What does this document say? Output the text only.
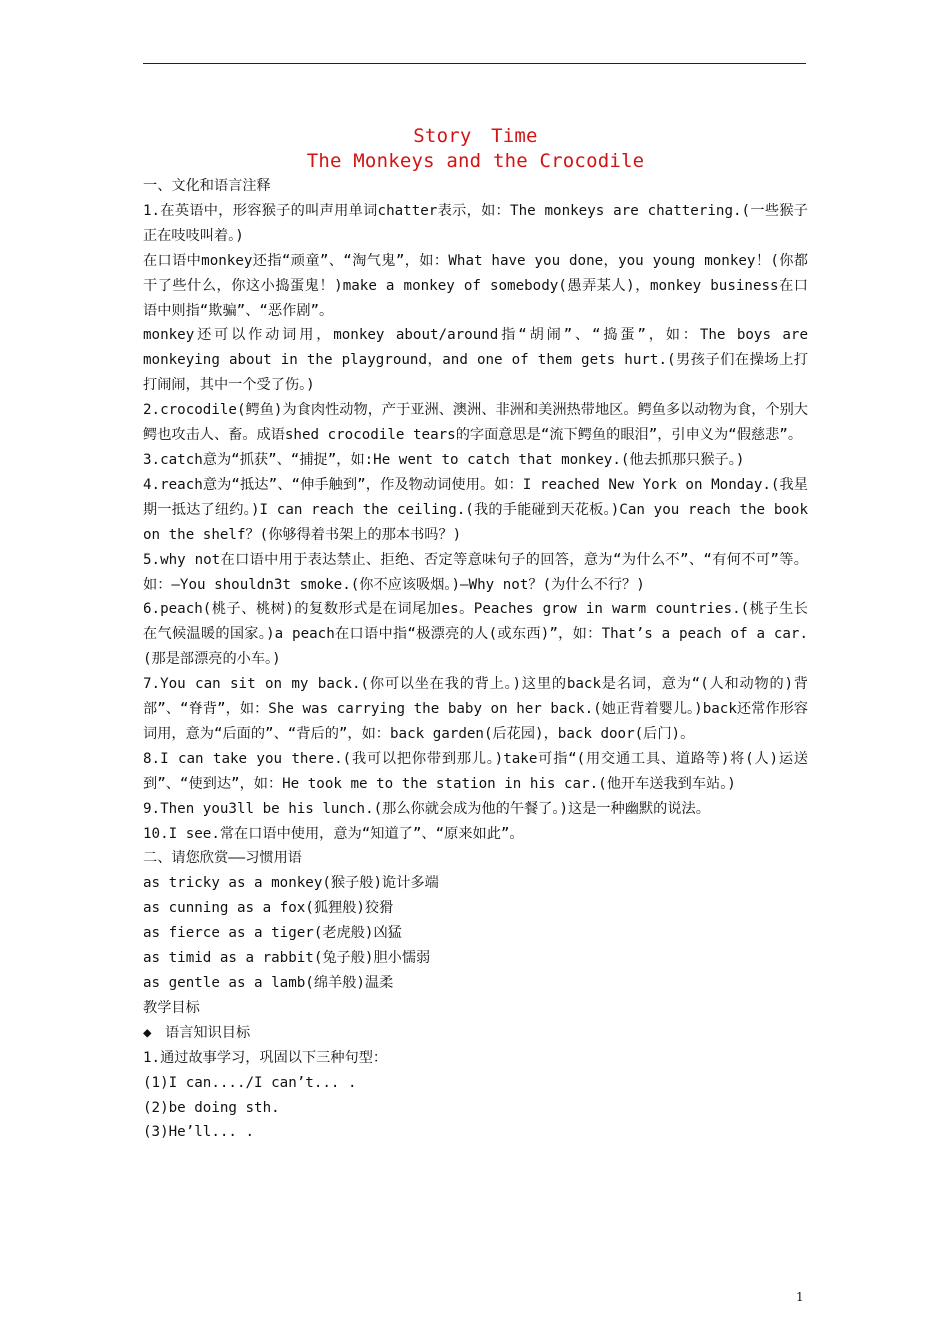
Story Time
The Monkeys and the Crocodile

一、文化和语言注释

1.在英语中，形容猴子的叫声用单词chatter表示，如：The monkeys are chattering.(一些猴子正在吱吱叫着。)

在口语中monkey还指“顽童”、“淘气鬼”，如：What have you done，you young monkey！(你都干了些什么，你这小捣蛋鬼！)make a monkey of somebody(愚弄某人)，monkey business在口语中则指“欺骗”、“恶作剧”。

monkey还可以作动词用，monkey about/around指“胡闹”、“捣蛋”，如：The boys are monkeying about in the playground，and one of them gets hurt.(男孩子们在操场上打打闹闹，其中一个受了伤。)

2.crocodile(鳄鱼)为食肉性动物，产于亚洲、澳洲、非洲和美洲热带地区。鳄鱼多以动物为食，个别大鳄也攻击人、畜。成语shed crocodile tears的字面意思是“流下鳄鱼的眼泪”，引申义为“假慈悲”。

3.catch意为“抓获”、“捕捉”，如:He went to catch that monkey.(他去抓那只猴子。)

4.reach意为“抵达”、“伸手触到”，作及物动词使用。如：I reached New York on Monday.(我星期一抵达了纽约。)I can reach the ceiling.(我的手能碰到天花板。)Can you reach the book on the shelf？(你够得着书架上的那本书吗？)

5.why not在口语中用于表达禁止、拒绝、否定等意味句子的回答，意为“为什么不”、“有何不可”等。如：—You shouldn3t smoke.(你不应该吸烟。)—Why not？(为什么不行？)

6.peach(桃子、桃树)的复数形式是在词尾加es。Peaches grow in warm countries.(桃子生长在气候温暖的国家。)a peach在口语中指“极漂亮的人(或东西)”，如：That’s a peach of a car.(那是部漂亮的小车。)

7.You can sit on my back.(你可以坐在我的背上。)这里的back是名词，意为“(人和动物的)背部”、“脊背”，如：She was carrying the baby on her back.(她正背着婴儿。)back还常作形容词用，意为“后面的”、“背后的”，如：back garden(后花园)，back door(后门)。

8.I can take you there.(我可以把你带到那儿。)take可指“(用交通工具、道路等)将(人)运送到”、“使到达”，如：He took me to the station in his car.(他开车送我到车站。)

9.Then you3ll be his lunch.(那么你就会成为他的午餐了。)这是一种幽默的说法。

10.I see.常在口语中使用，意为“知道了”、“原来如此”。

二、请您欣赏——习惯用语

as tricky as a monkey(猴子般)诡计多端

as cunning as a fox(狐狸般)狡猾

as fierce as a tiger(老虎般)凶猛

as timid as a rabbit(兔子般)胆小懦弱

as gentle as a lamb(绵羊般)温柔

教学目标

◆ 语言知识目标

1.通过故事学习，巩固以下三种句型：

(1)I can..../I can’t... .

(2)be doing sth.

(3)He’ll... .

1
